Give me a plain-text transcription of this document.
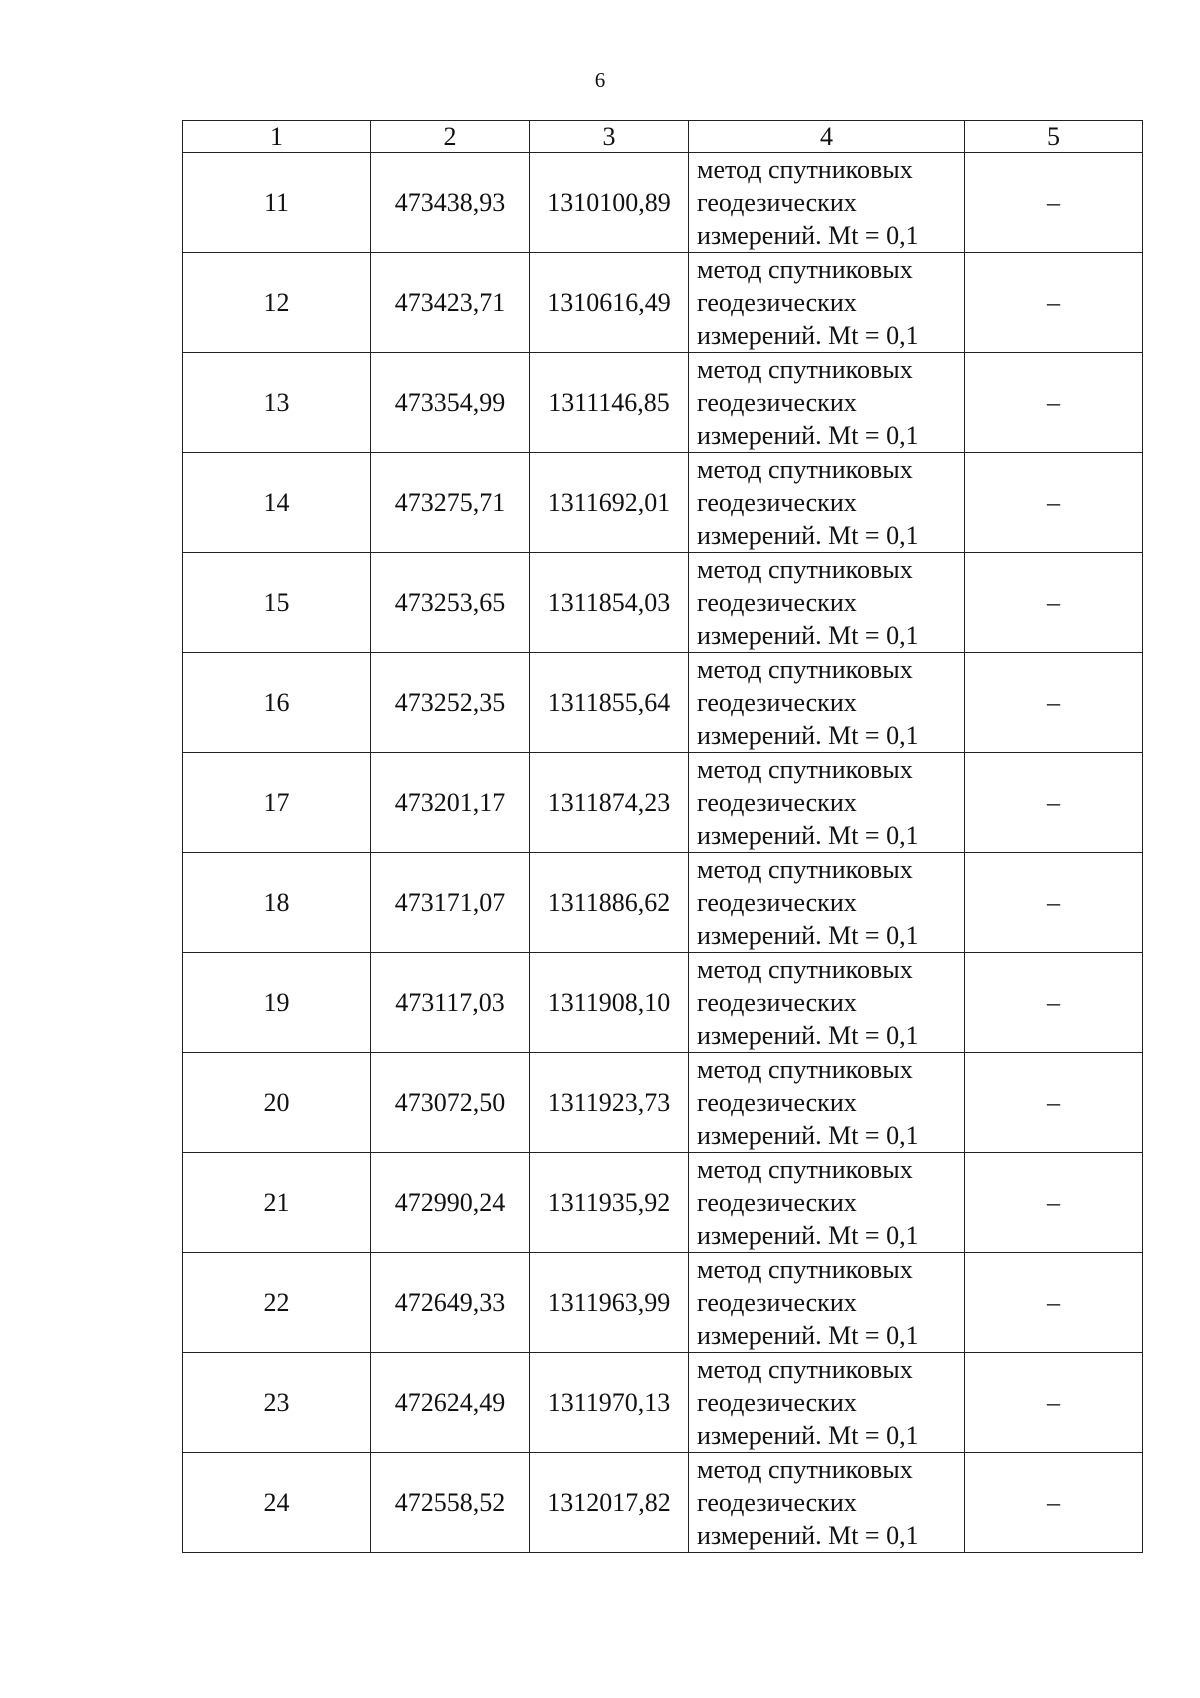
6
1	2	3	4	5
11	473438,93	1310100,89	метод спутниковых
геодезических
измерений. Mt = 0,1	–
12	473423,71	1310616,49	метод спутниковых
геодезических
измерений. Mt = 0,1	–
13	473354,99	1311146,85	метод спутниковых
геодезических
измерений. Mt = 0,1	–
14	473275,71	1311692,01	метод спутниковых
геодезических
измерений. Mt = 0,1	–
15	473253,65	1311854,03	метод спутниковых
геодезических
измерений. Mt = 0,1	–
16	473252,35	1311855,64	метод спутниковых
геодезических
измерений. Mt = 0,1	–
17	473201,17	1311874,23	метод спутниковых
геодезических
измерений. Mt = 0,1	–
18	473171,07	1311886,62	метод спутниковых
геодезических
измерений. Mt = 0,1	–
19	473117,03	1311908,10	метод спутниковых
геодезических
измерений. Mt = 0,1	–
20	473072,50	1311923,73	метод спутниковых
геодезических
измерений. Mt = 0,1	–
21	472990,24	1311935,92	метод спутниковых
геодезических
измерений. Mt = 0,1	–
22	472649,33	1311963,99	метод спутниковых
геодезических
измерений. Mt = 0,1	–
23	472624,49	1311970,13	метод спутниковых
геодезических
измерений. Mt = 0,1	–
24	472558,52	1312017,82	метод спутниковых
геодезических
измерений. Mt = 0,1	–
